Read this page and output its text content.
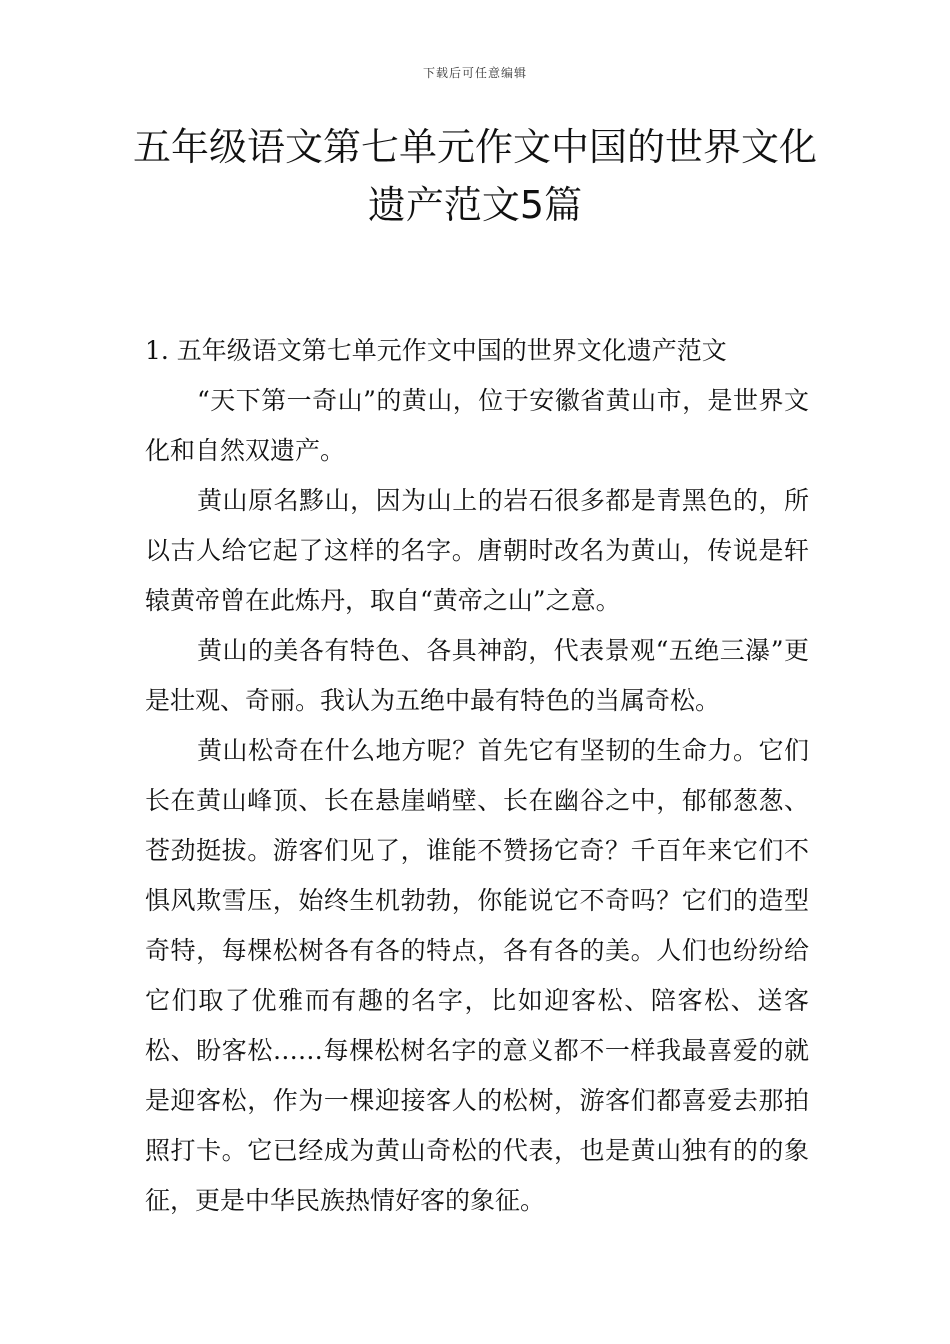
下载后可任意编辑
五年级语文第七单元作文中国的世界文化
遗产范文5篇

1. 五年级语文第七单元作文中国的世界文化遗产范文

“天下第一奇山”的黄山，位于安徽省黄山市，是世界文化和自然双遗产。

黄山原名黟山，因为山上的岩石很多都是青黑色的，所以古人给它起了这样的名字。唐朝时改名为黄山，传说是轩辕黄帝曾在此炼丹，取自“黄帝之山”之意。

黄山的美各有特色、各具神韵，代表景观“五绝三瀑”更是壮观、奇丽。我认为五绝中最有特色的当属奇松。

黄山松奇在什么地方呢？首先它有坚韧的生命力。它们长在黄山峰顶、长在悬崖峭壁、长在幽谷之中，郁郁葱葱、苍劲挺拔。游客们见了，谁能不赞扬它奇？千百年来它们不惧风欺雪压，始终生机勃勃，你能说它不奇吗？它们的造型奇特，每棵松树各有各的特点，各有各的美。人们也纷纷给它们取了优雅而有趣的名字，比如迎客松、陪客松、送客松、盼客松……每棵松树名字的意义都不一样我最喜爱的就是迎客松，作为一棵迎接客人的松树，游客们都喜爱去那拍照打卡。它已经成为黄山奇松的代表，也是黄山独有的的象征，更是中华民族热情好客的象征。
